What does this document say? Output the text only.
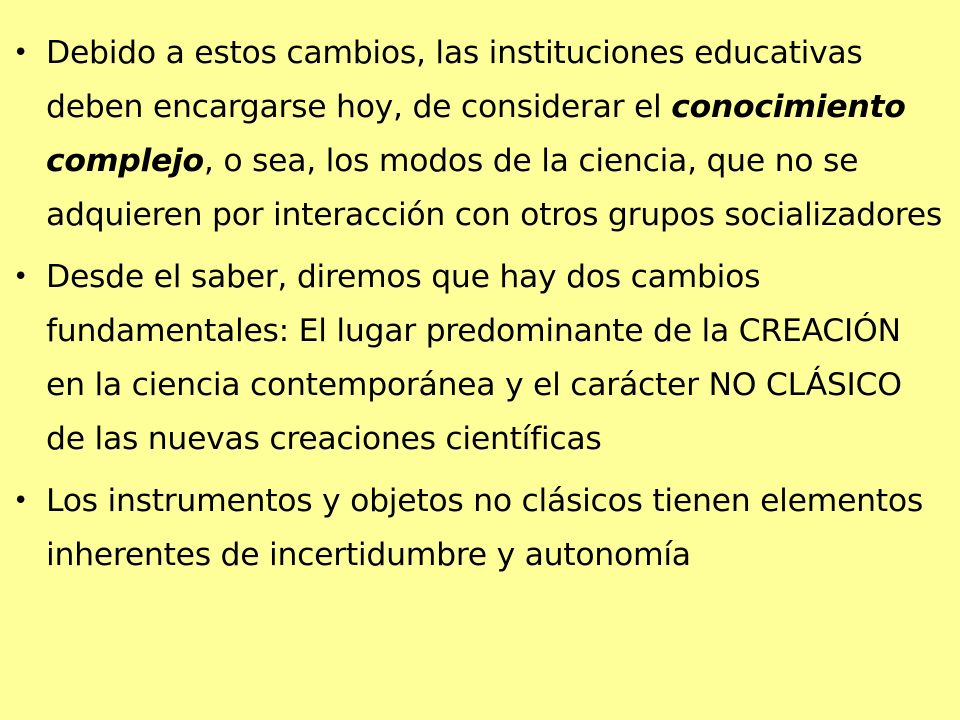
• Debido a estos cambios, las instituciones educativas deben encargarse hoy, de considerar el conocimiento complejo, o sea, los modos de la ciencia, que no se adquieren por interacción con otros grupos socializadores
• Desde el saber, diremos que hay dos cambios fundamentales: El lugar predominante de la CREACIÓN en la ciencia contemporánea y el carácter NO CLÁSICO de las nuevas creaciones científicas
• Los instrumentos y objetos no clásicos tienen elementos inherentes de incertidumbre y autonomía
